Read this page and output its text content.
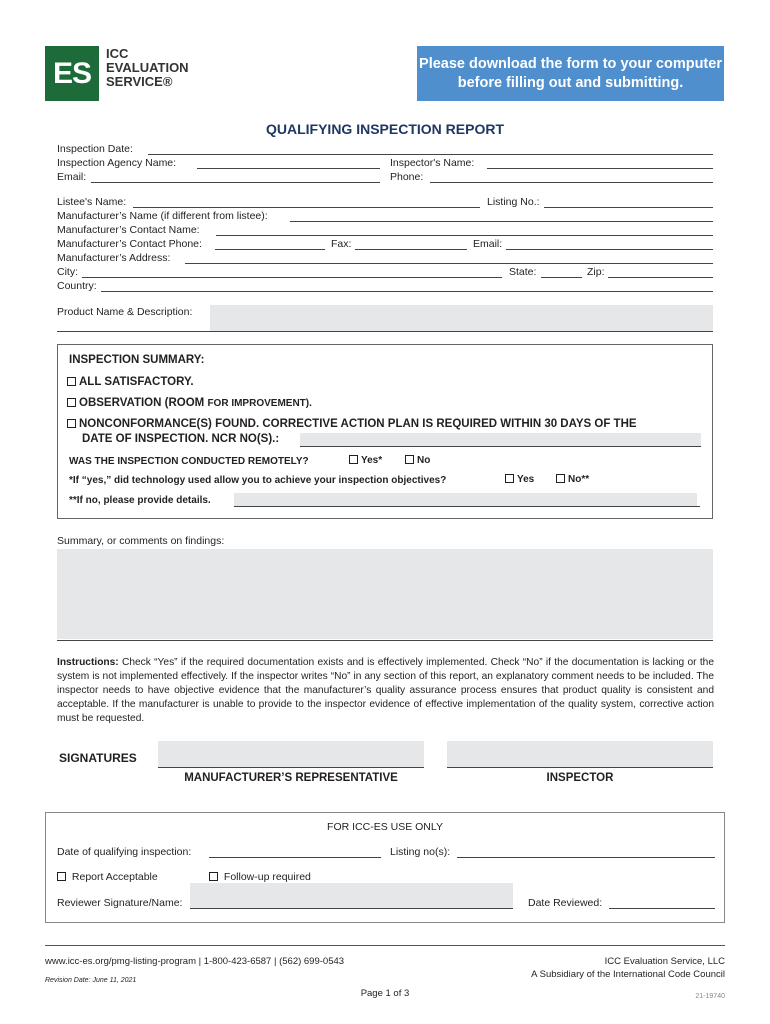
ES
ICC
EVALUATION
SERVICE®
Please download the form to your computer
before filling out and submitting.
QUALIFYING INSPECTION REPORT
Inspection Date:
Inspection Agency Name:	Inspector's Name:
Email:	Phone:
Listee's Name:	Listing No.:
Manufacturer’s Name (if different from listee):
Manufacturer’s Contact Name:
Manufacturer’s Contact Phone:	Fax:	Email:
Manufacturer’s Address:
City:	State:	Zip:
Country:
Product Name & Description:
INSPECTION SUMMARY:
ALL SATISFACTORY.
OBSERVATION (ROOM FOR IMPROVEMENT).
NONCONFORMANCE(S) FOUND. CORRECTIVE ACTION PLAN IS REQUIRED WITHIN 30 DAYS OF THE
DATE OF INSPECTION. NCR NO(S).:
WAS THE INSPECTION CONDUCTED REMOTELY?	Yes*	No
*If “yes,” did technology used allow you to achieve your inspection objectives?	Yes	No**
**If no, please provide details.
Summary, or comments on findings:
Instructions: Check “Yes” if the required documentation exists and is effectively implemented. Check “No” if the documentation is lacking or the system is not implemented effectively. If the inspector writes “No” in any section of this report, an explanatory comment needs to be included. The inspector needs to have objective evidence that the manufacturer’s quality assurance process ensures that product quality is consistent and acceptable. If the manufacturer is unable to provide to the inspector evidence of effective implementation of the quality system, corrective action must be requested.
SIGNATURES
MANUFACTURER’S REPRESENTATIVE	INSPECTOR
FOR ICC-ES USE ONLY
Date of qualifying inspection:	Listing no(s):
Report Acceptable	Follow-up required
Reviewer Signature/Name:	Date Reviewed:
www.icc-es.org/pmg-listing-program | 1-800-423-6587 | (562) 699-0543
Revision Date: June 11, 2021
ICC Evaluation Service, LLC
A Subsidiary of the International Code Council
Page 1 of 3	21-19740
